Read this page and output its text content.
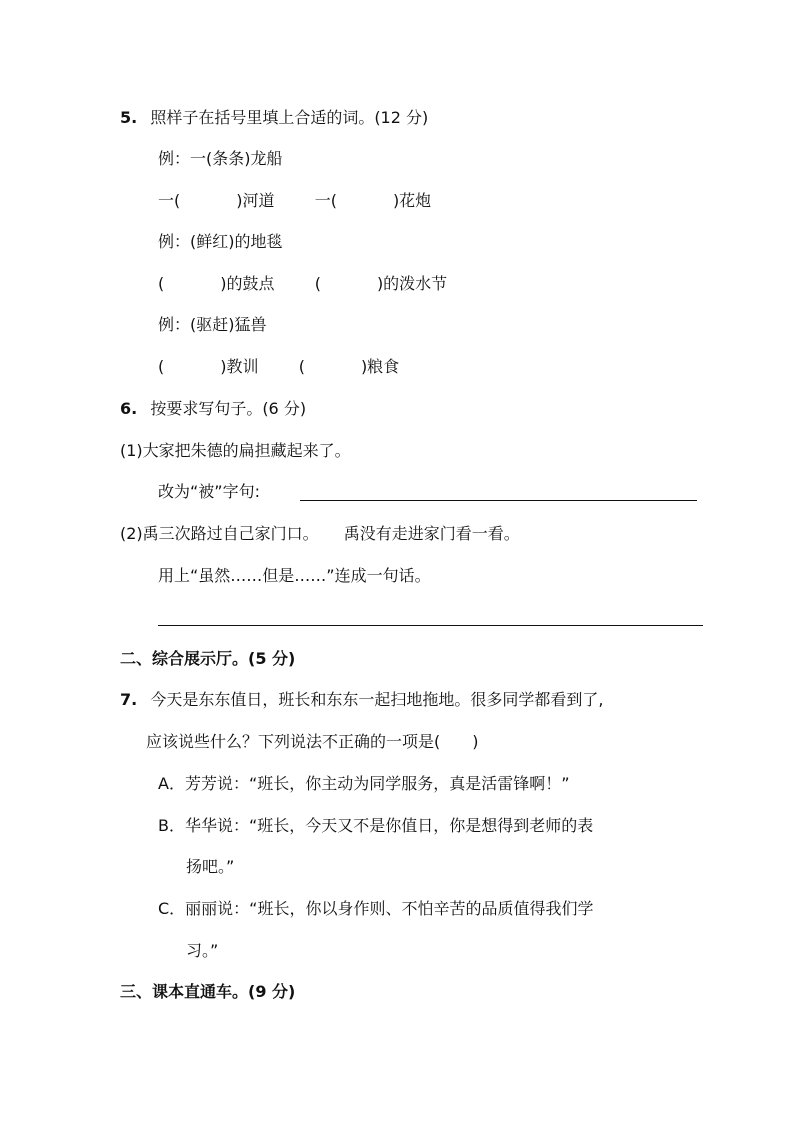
5. 照样子在括号里填上合适的词。(12 分)
例：一(条条)龙船
一(	)河道	一(	)花炮
例：(鲜红)的地毯
(	)的鼓点	(	)的泼水节
例：(驱赶)猛兽
(	)教训	(	)粮食
6. 按要求写句子。(6 分)
(1)大家把朱德的扁担藏起来了。
改为“被”字句:
(2)禹三次路过自己家门口。 禹没有走进家门看一看。
用上“虽然……但是……”连成一句话。
二、综合展示厅。(5 分)
7. 今天是东东值日，班长和东东一起扫地拖地。很多同学都看到了,
应该说些什么？下列说法不正确的一项是(　　)
A．芳芳说：“班长，你主动为同学服务，真是活雷锋啊！”
B．华华说：“班长，今天又不是你值日，你是想得到老师的表
扬吧。”
C．丽丽说：“班长，你以身作则、不怕辛苦的品质值得我们学
习。”
三、课本直通车。(9 分)
